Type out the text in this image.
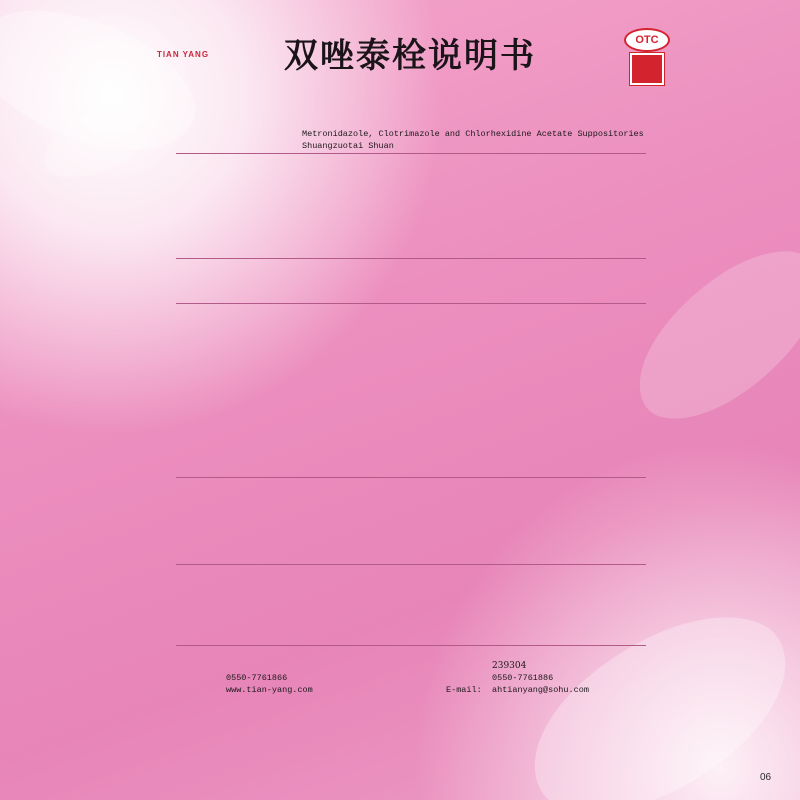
TIAN YANG	双唑泰栓说明书	OTC
Metronidazole, Clotrimazole and Chlorhexidine Acetate Suppositories
Shuangzuotai Shuan
239304
0550-7761866	0550-7761886
www.tian-yang.com	E-mail:	ahtianyang@sohu.com
06
